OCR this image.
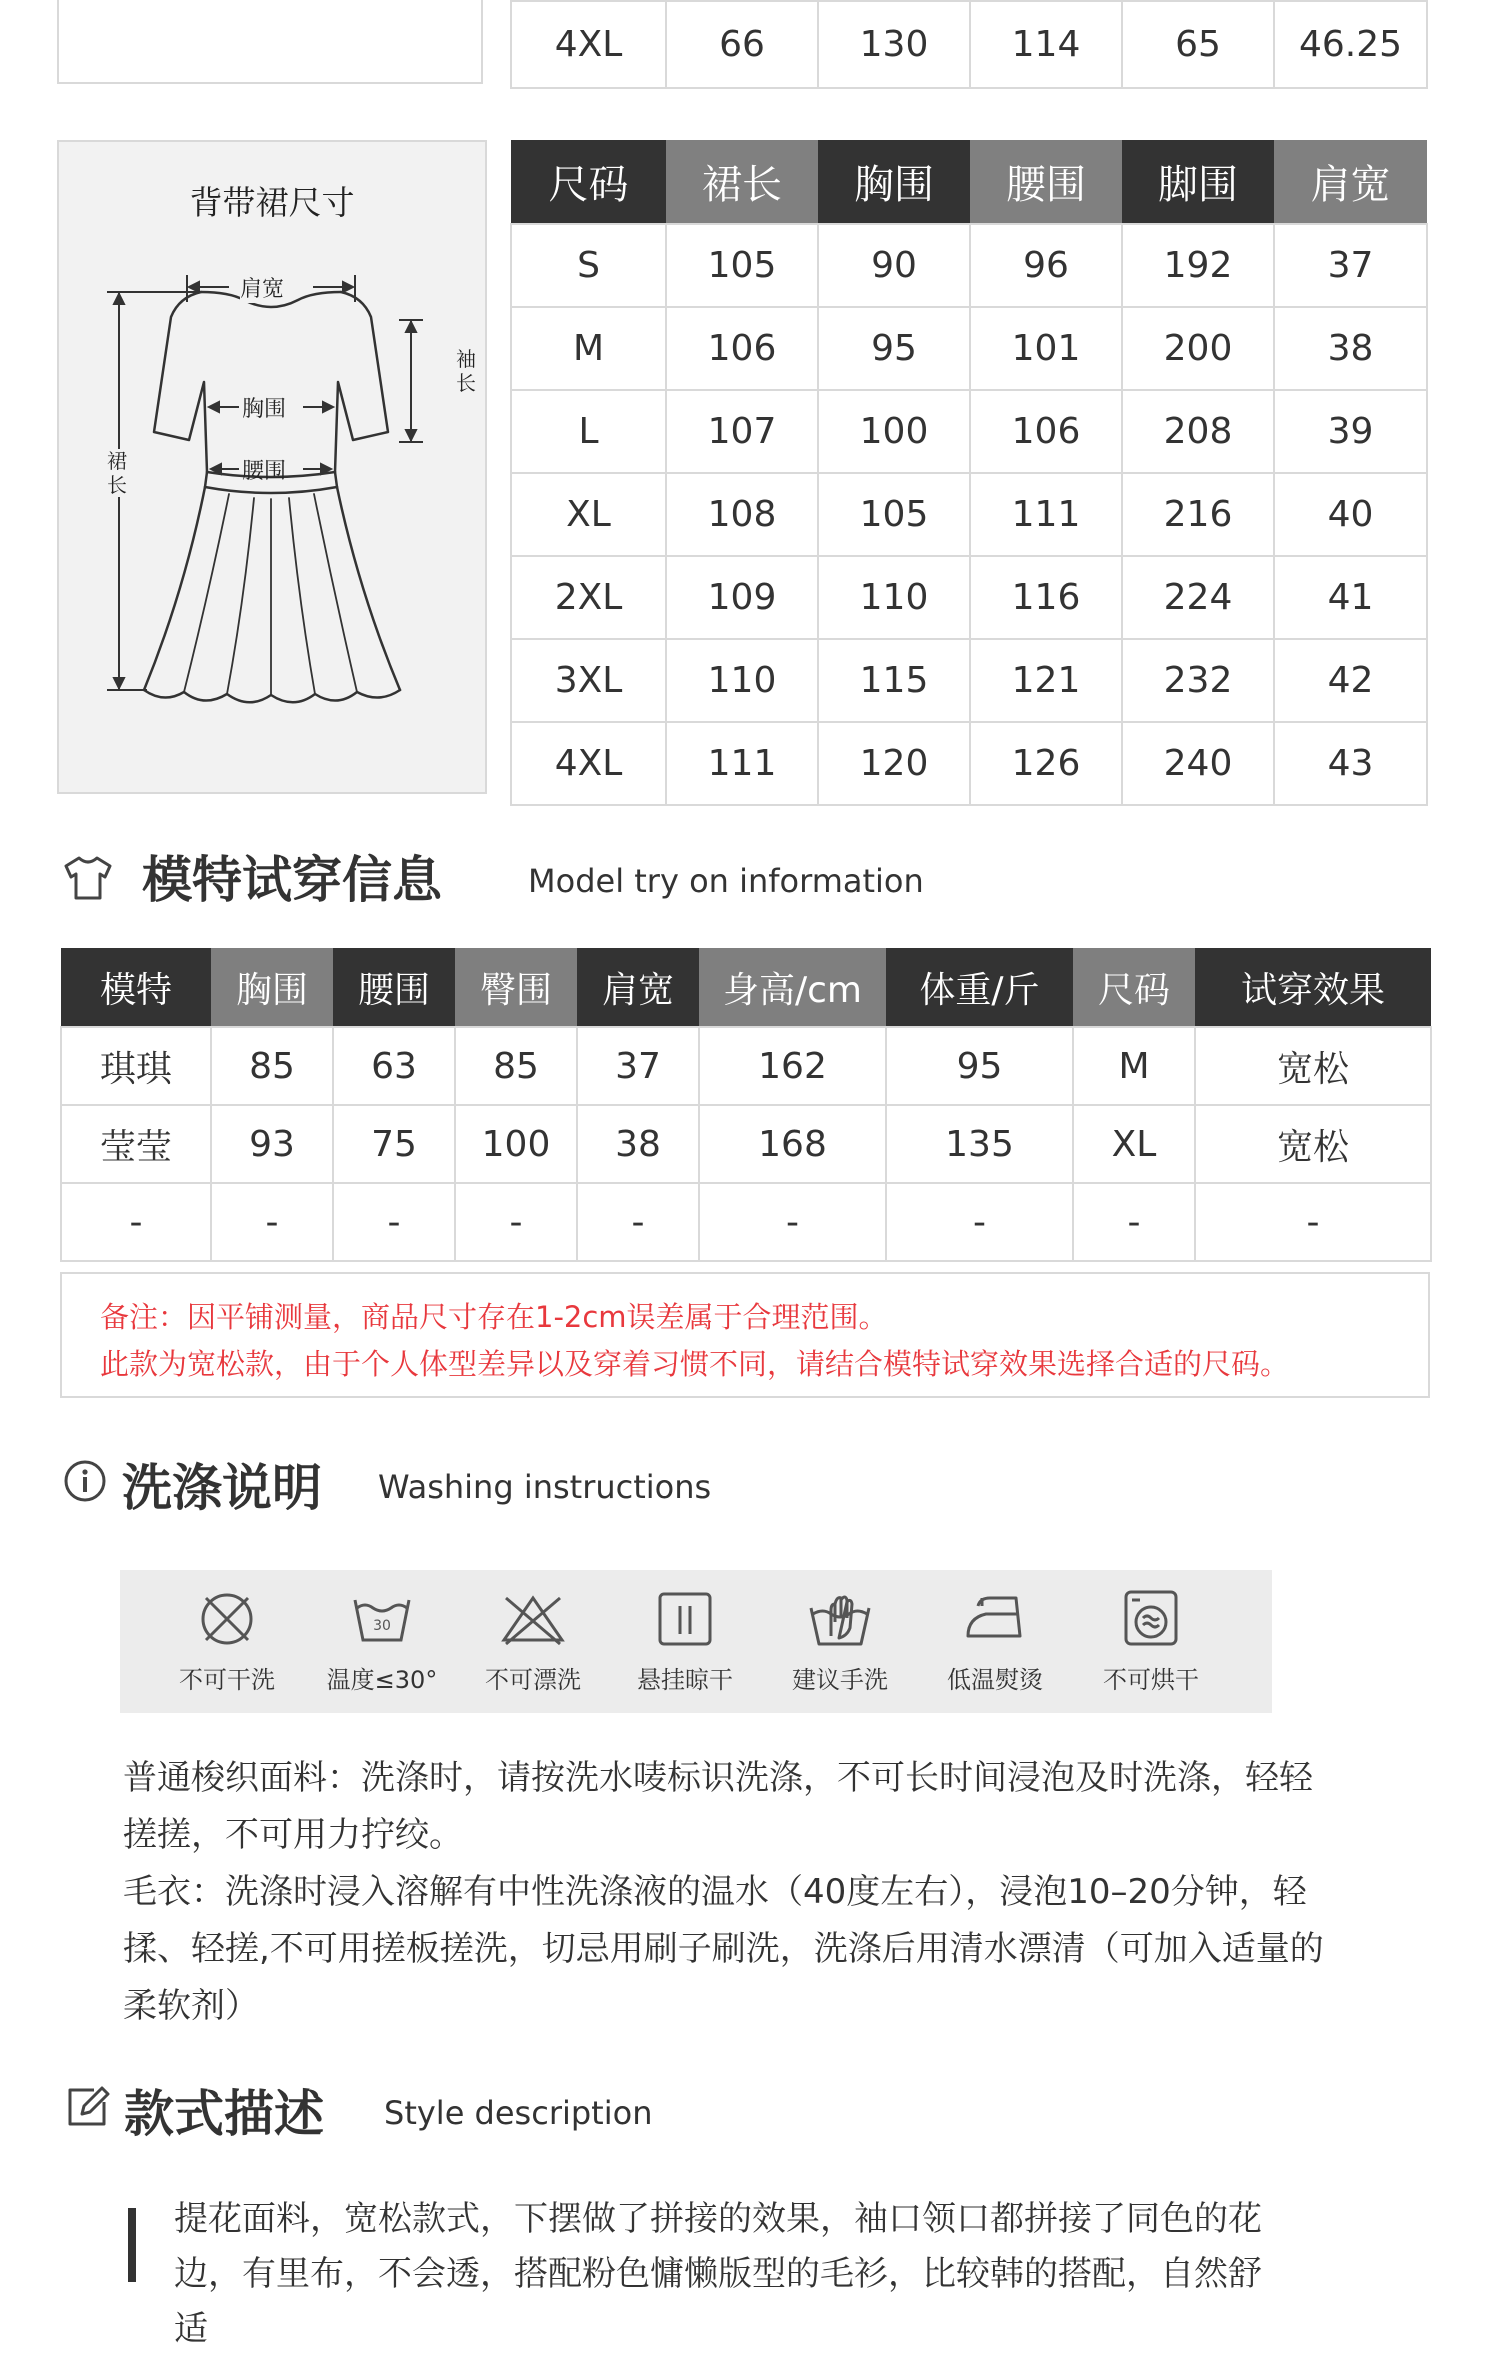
4XL	66	130	114	65	46.25
背带裙尺寸
肩宽
胸围
腰围
袖长
裙长
尺码	裙长	胸围	腰围	脚围	肩宽
S	105	90	96	192	37
M	106	95	101	200	38
L	107	100	106	208	39
XL	108	105	111	216	40
2XL	109	110	116	224	41
3XL	110	115	121	232	42
4XL	111	120	126	240	43
模特试穿信息	Model try on information
模特	胸围	腰围	臀围	肩宽	身高/cm	体重/斤	尺码	试穿效果
琪琪	85	63	85	37	162	95	M	宽松
莹莹	93	75	100	38	168	135	XL	宽松
-	-	-	-	-	-	-	-	-
备注：因平铺测量，商品尺寸存在1-2cm误差属于合理范围。
此款为宽松款，由于个人体型差异以及穿着习惯不同，请结合模特试穿效果选择合适的尺码。
洗涤说明 Washing instructions
不可干洗
30
温度≤30°	不可漂洗	悬挂晾干	建议手洗	低温熨烫	不可烘干
普通梭织面料：洗涤时，请按洗水唛标识洗涤，不可长时间浸泡及时洗涤，轻轻
搓搓，不可用力拧绞。
毛衣：洗涤时浸入溶解有中性洗涤液的温水（40度左右），浸泡10–20分钟，轻
揉、轻搓,不可用搓板搓洗，切忌用刷子刷洗，洗涤后用清水漂清（可加入适量的
柔软剂）
款式描述 Style description
提花面料，宽松款式，下摆做了拼接的效果，袖口领口都拼接了同色的花
边，有里布，不会透，搭配粉色慵懒版型的毛衫，比较韩的搭配，自然舒
适
